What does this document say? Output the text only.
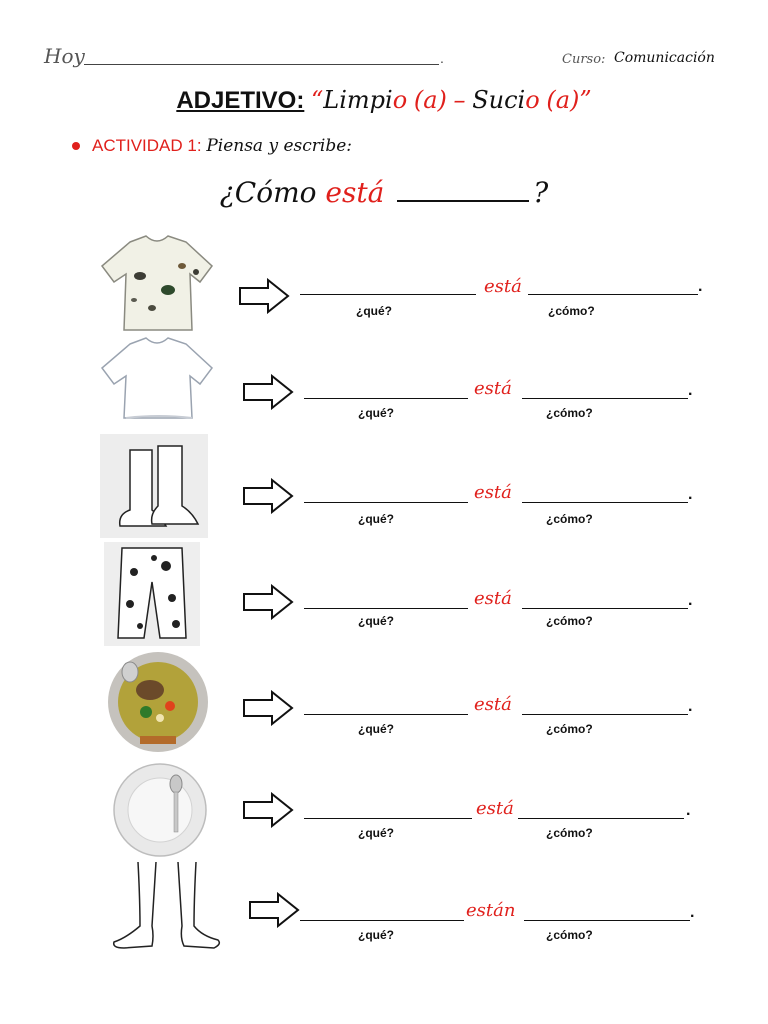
Hoy	.	Curso: Comunicación
ADJETIVO: “Limpio (a) – Sucio (a)”
ACTIVIDAD 1: Piensa y escribe:
¿Cómo está	?
está	.
¿qué?	¿cómo?
está	.
¿qué?	¿cómo?
está	.
¿qué?	¿cómo?
está	.
¿qué?	¿cómo?
está	.
¿qué?	¿cómo?
está	.
¿qué?	¿cómo?
están	.
¿qué?	¿cómo?
